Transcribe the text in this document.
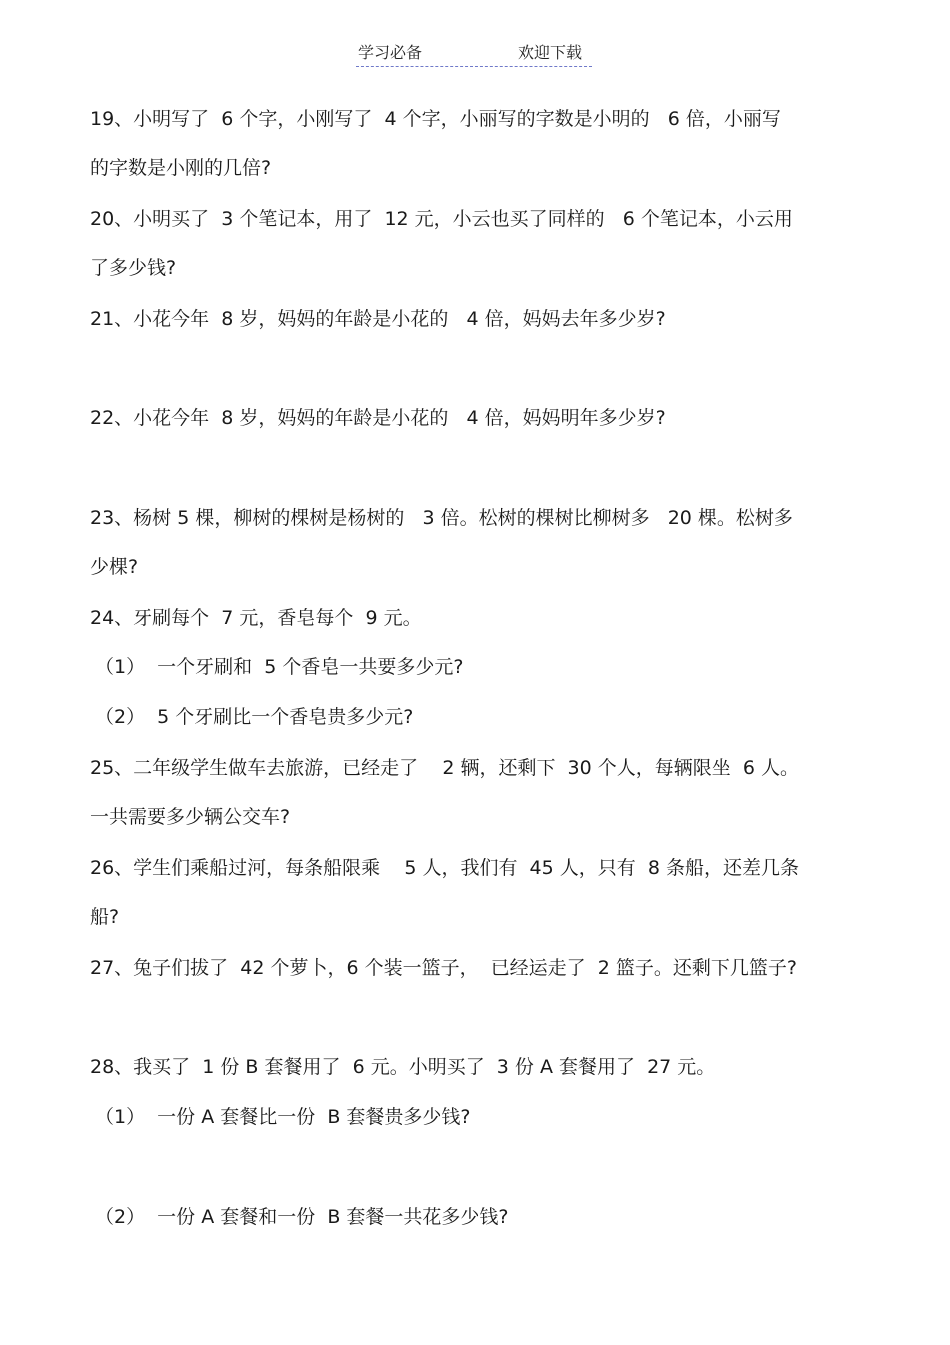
学习必备	欢迎下载
19、小明写了  6 个字，小刚写了  4 个字，小丽写的字数是小明的   6 倍，小丽写
的字数是小刚的几倍?
20、小明买了  3 个笔记本，用了  12 元，小云也买了同样的   6 个笔记本，小云用
了多少钱?
21、小花今年  8 岁，妈妈的年龄是小花的   4 倍，妈妈去年多少岁?
22、小花今年  8 岁，妈妈的年龄是小花的   4 倍，妈妈明年多少岁?
23、杨树 5 棵，柳树的棵树是杨树的   3 倍。松树的棵树比柳树多   20 棵。松树多
少棵?
24、牙刷每个  7 元，香皂每个  9 元。
（1）  一个牙刷和  5 个香皂一共要多少元?
（2）  5 个牙刷比一个香皂贵多少元?
25、二年级学生做车去旅游，已经走了    2 辆，还剩下  30 个人，每辆限坐  6 人。
一共需要多少辆公交车?
26、学生们乘船过河，每条船限乘    5 人，我们有  45 人，只有  8 条船，还差几条
船?
27、兔子们拔了  42 个萝卜，6 个装一篮子，  已经运走了  2 篮子。还剩下几篮子?
28、我买了  1 份 B 套餐用了  6 元。小明买了  3 份 A 套餐用了  27 元。
（1）  一份 A 套餐比一份  B 套餐贵多少钱?
（2）  一份 A 套餐和一份  B 套餐一共花多少钱?
